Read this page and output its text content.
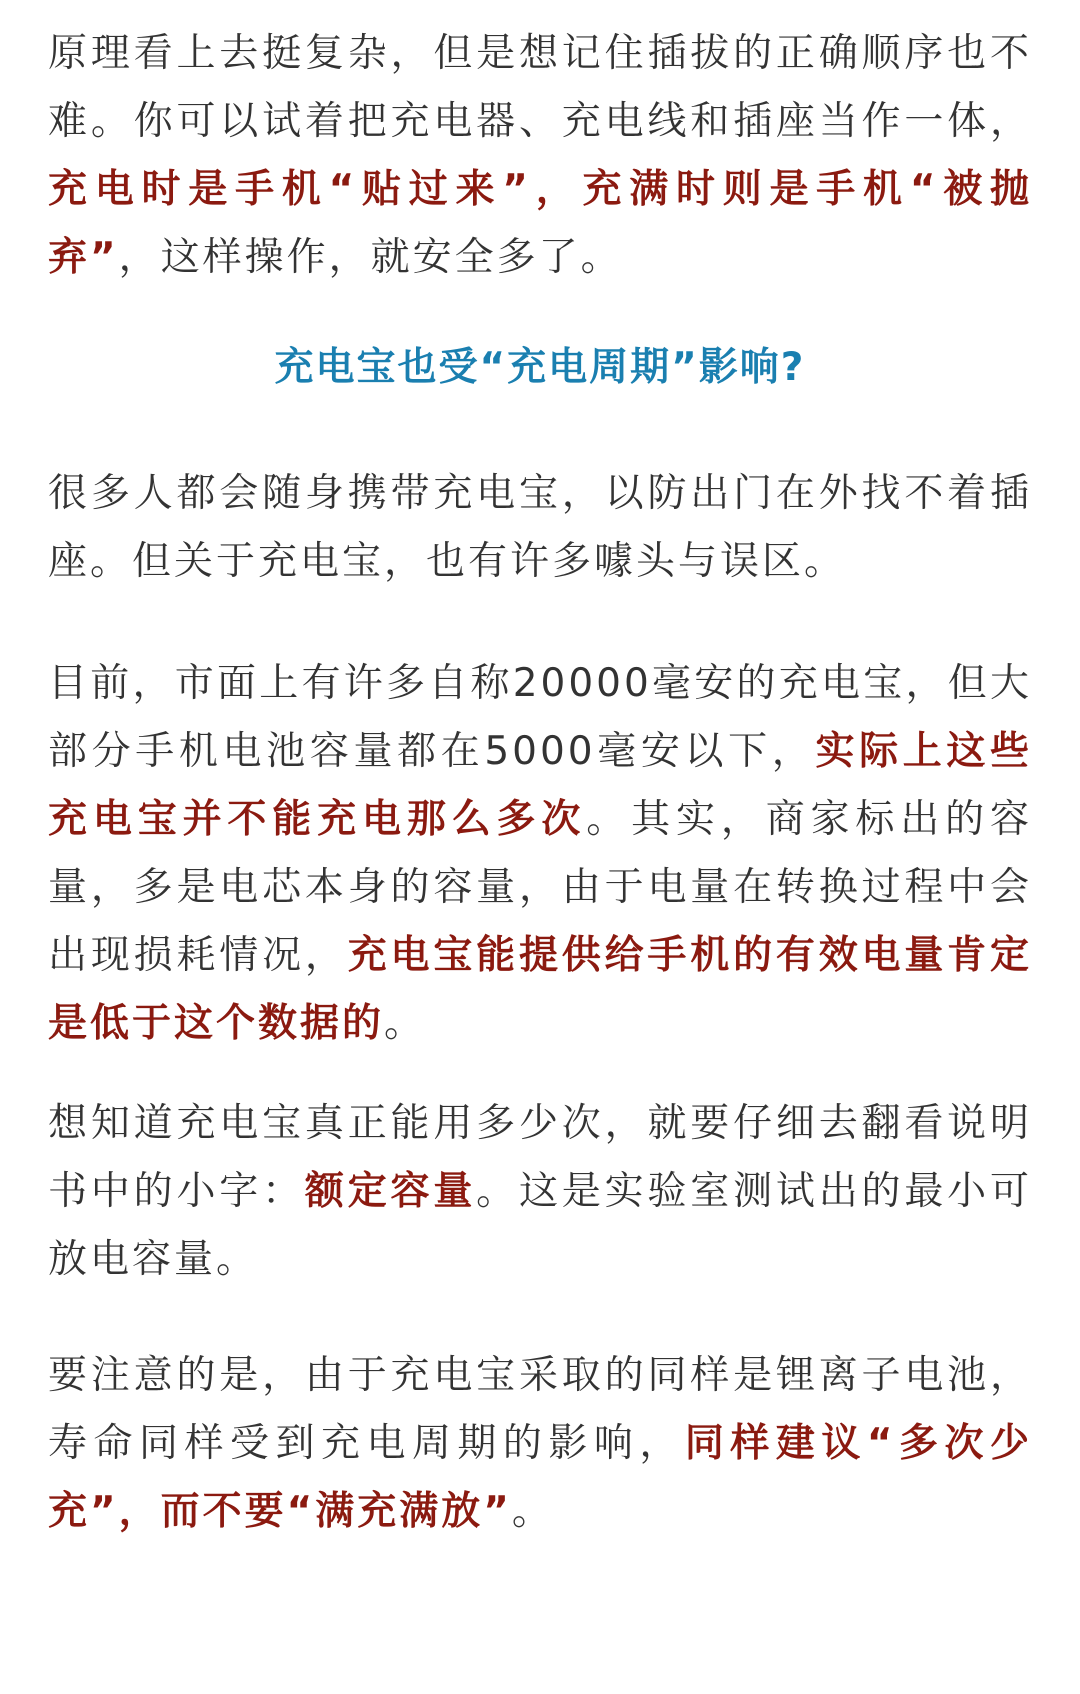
原理看上去挺复杂，但是想记住插拔的正确顺序也不难。你可以试着把充电器、充电线和插座当作一体，充电时是手机“贴过来”，充满时则是手机“被抛弃”，这样操作，就安全多了。

充电宝也受“充电周期”影响?

很多人都会随身携带充电宝，以防出门在外找不着插座。但关于充电宝，也有许多噱头与误区。

目前，市面上有许多自称20000毫安的充电宝，但大部分手机电池容量都在5000毫安以下，实际上这些充电宝并不能充电那么多次。其实，商家标出的容量，多是电芯本身的容量，由于电量在转换过程中会出现损耗情况，充电宝能提供给手机的有效电量肯定是低于这个数据的。

想知道充电宝真正能用多少次，就要仔细去翻看说明书中的小字：额定容量。这是实验室测试出的最小可放电容量。

要注意的是，由于充电宝采取的同样是锂离子电池，寿命同样受到充电周期的影响，同样建议“多次少充”，而不要“满充满放”。
